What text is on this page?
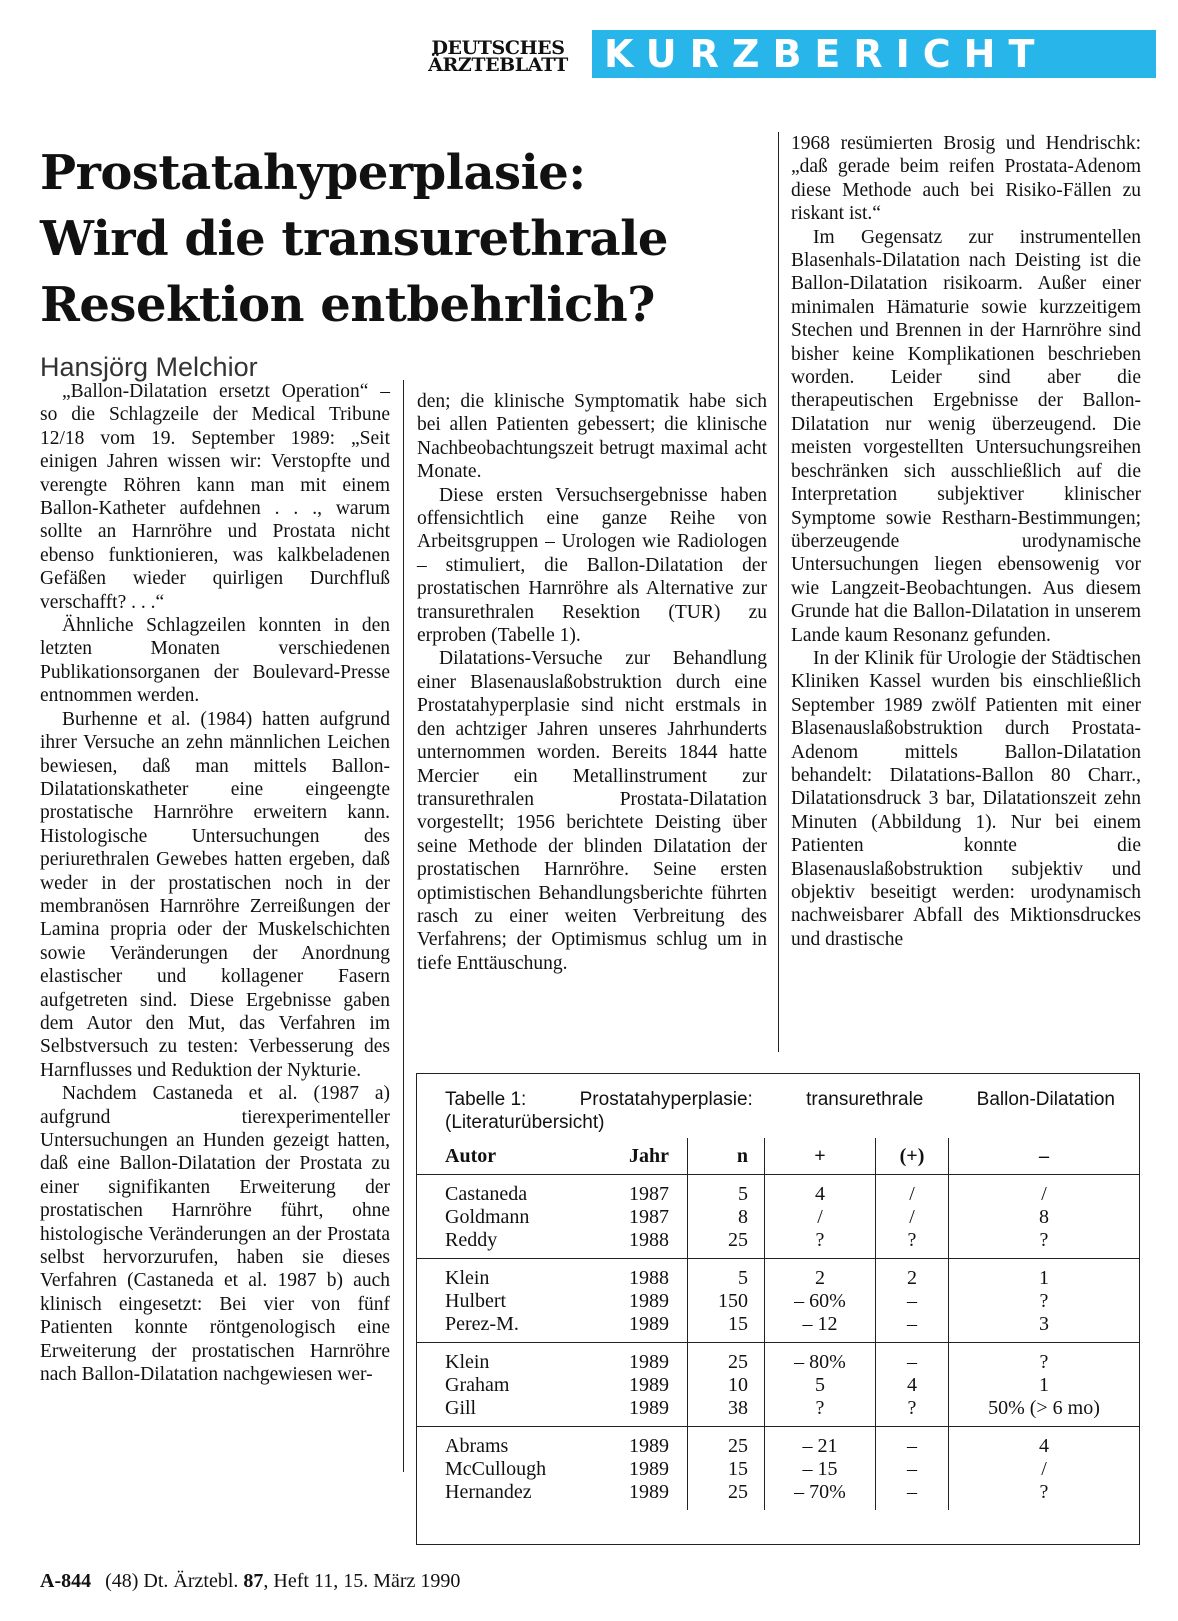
DEUTSCHES
ÄRZTEBLATT KURZBERICHT
Prostatahyperplasie:
Wird die transurethrale
Resektion entbehrlich?
Hansjörg Melchior

„Ballon-Dilatation ersetzt Operation“ – so die Schlagzeile der Medical Tribune 12/18 vom 19. September 1989: „Seit einigen Jahren wissen wir: Verstopfte und verengte Röhren kann man mit einem Ballon-Katheter aufdehnen . . ., warum sollte an Harnröhre und Prostata nicht ebenso funktionieren, was kalkbeladenen Gefäßen wieder quirligen Durchfluß verschafft? . . .“

Ähnliche Schlagzeilen konnten in den letzten Monaten verschiedenen Publikationsorganen der Boulevard-Presse entnommen werden.

Burhenne et al. (1984) hatten aufgrund ihrer Versuche an zehn männlichen Leichen bewiesen, daß man mittels Ballon-Dilatationskatheter eine eingeengte prostatische Harnröhre erweitern kann. Histologische Untersuchungen des periurethralen Gewebes hatten ergeben, daß weder in der prostatischen noch in der membranösen Harnröhre Zerreißungen der Lamina propria oder der Muskelschichten sowie Veränderungen der Anordnung elastischer und kollagener Fasern aufgetreten sind. Diese Ergebnisse gaben dem Autor den Mut, das Verfahren im Selbstversuch zu testen: Verbesserung des Harnflusses und Reduktion der Nykturie.

Nachdem Castaneda et al. (1987 a) aufgrund tierexperimenteller Untersuchungen an Hunden gezeigt hatten, daß eine Ballon-Dilatation der Prostata zu einer signifikanten Erweiterung der prostatischen Harnröhre führt, ohne histologische Veränderungen an der Prostata selbst hervorzurufen, haben sie dieses Verfahren (Castaneda et al. 1987 b) auch klinisch eingesetzt: Bei vier von fünf Patienten konnte röntgenologisch eine Erweiterung der prostatischen Harnröhre nach Ballon-Dilatation nachgewiesen wer-

den; die klinische Symptomatik habe sich bei allen Patienten gebessert; die klinische Nachbeobachtungszeit betrugt maximal acht Monate.

Diese ersten Versuchsergebnisse haben offensichtlich eine ganze Reihe von Arbeitsgruppen – Urologen wie Radiologen – stimuliert, die Ballon-Dilatation der prostatischen Harnröhre als Alternative zur transurethralen Resektion (TUR) zu erproben (Tabelle 1).

Dilatations-Versuche zur Behandlung einer Blasenauslaßobstruktion durch eine Prostatahyperplasie sind nicht erstmals in den achtziger Jahren unseres Jahrhunderts unternommen worden. Bereits 1844 hatte Mercier ein Metallinstrument zur transurethralen Prostata-Dilatation vorgestellt; 1956 berichtete Deisting über seine Methode der blinden Dilatation der prostatischen Harnröhre. Seine ersten optimistischen Behandlungsberichte führten rasch zu einer weiten Verbreitung des Verfahrens; der Optimismus schlug um in tiefe Enttäuschung.

1968 resümierten Brosig und Hendrischk: „daß gerade beim reifen Prostata-Adenom diese Methode auch bei Risiko-Fällen zu riskant ist.“

Im Gegensatz zur instrumentellen Blasenhals-Dilatation nach Deisting ist die Ballon-Dilatation risikoarm. Außer einer minimalen Hämaturie sowie kurzzeitigem Stechen und Brennen in der Harnröhre sind bisher keine Komplikationen beschrieben worden. Leider sind aber die therapeutischen Ergebnisse der Ballon-Dilatation nur wenig überzeugend. Die meisten vorgestellten Untersuchungsreihen beschränken sich ausschließlich auf die Interpretation subjektiver klinischer Symptome sowie Restharn-Bestimmungen; überzeugende urodynamische Untersuchungen liegen ebensowenig vor wie Langzeit-Beobachtungen. Aus diesem Grunde hat die Ballon-Dilatation in unserem Lande kaum Resonanz gefunden.

In der Klinik für Urologie der Städtischen Kliniken Kassel wurden bis einschließlich September 1989 zwölf Patienten mit einer Blasenauslaßobstruktion durch Prostata-Adenom mittels Ballon-Dilatation behandelt: Dilatations-Ballon 80 Charr., Dilatationsdruck 3 bar, Dilatationszeit zehn Minuten (Abbildung 1). Nur bei einem Patienten konnte die Blasenauslaßobstruktion subjektiv und objektiv beseitigt werden: urodynamisch nachweisbarer Abfall des Miktionsdruckes und drastische

Tabelle 1:	Prostatahyperplasie:	transurethrale	Ballon-Dilatation
(Literaturübersicht)
Autor	Jahr	n	+	(+)	–
Castaneda	1987	5	4	/	/
Goldmann	1987	8	/	/	8
Reddy	1988	25	?	?	?
Klein	1988	5	2	2	1
Hulbert	1989	150	– 60%	–	?
Perez-M.	1989	15	– 12	–	3
Klein	1989	25	– 80%	–	?
Graham	1989	10	5	4	1
Gill	1989	38	?	?	50% (> 6 mo)
Abrams	1989	25	– 21	–	4
McCullough	1989	15	– 15	–	/
Hernandez	1989	25	– 70%	–	?
A-844 (48) Dt. Ärztebl. 87, Heft 11, 15. März 1990
